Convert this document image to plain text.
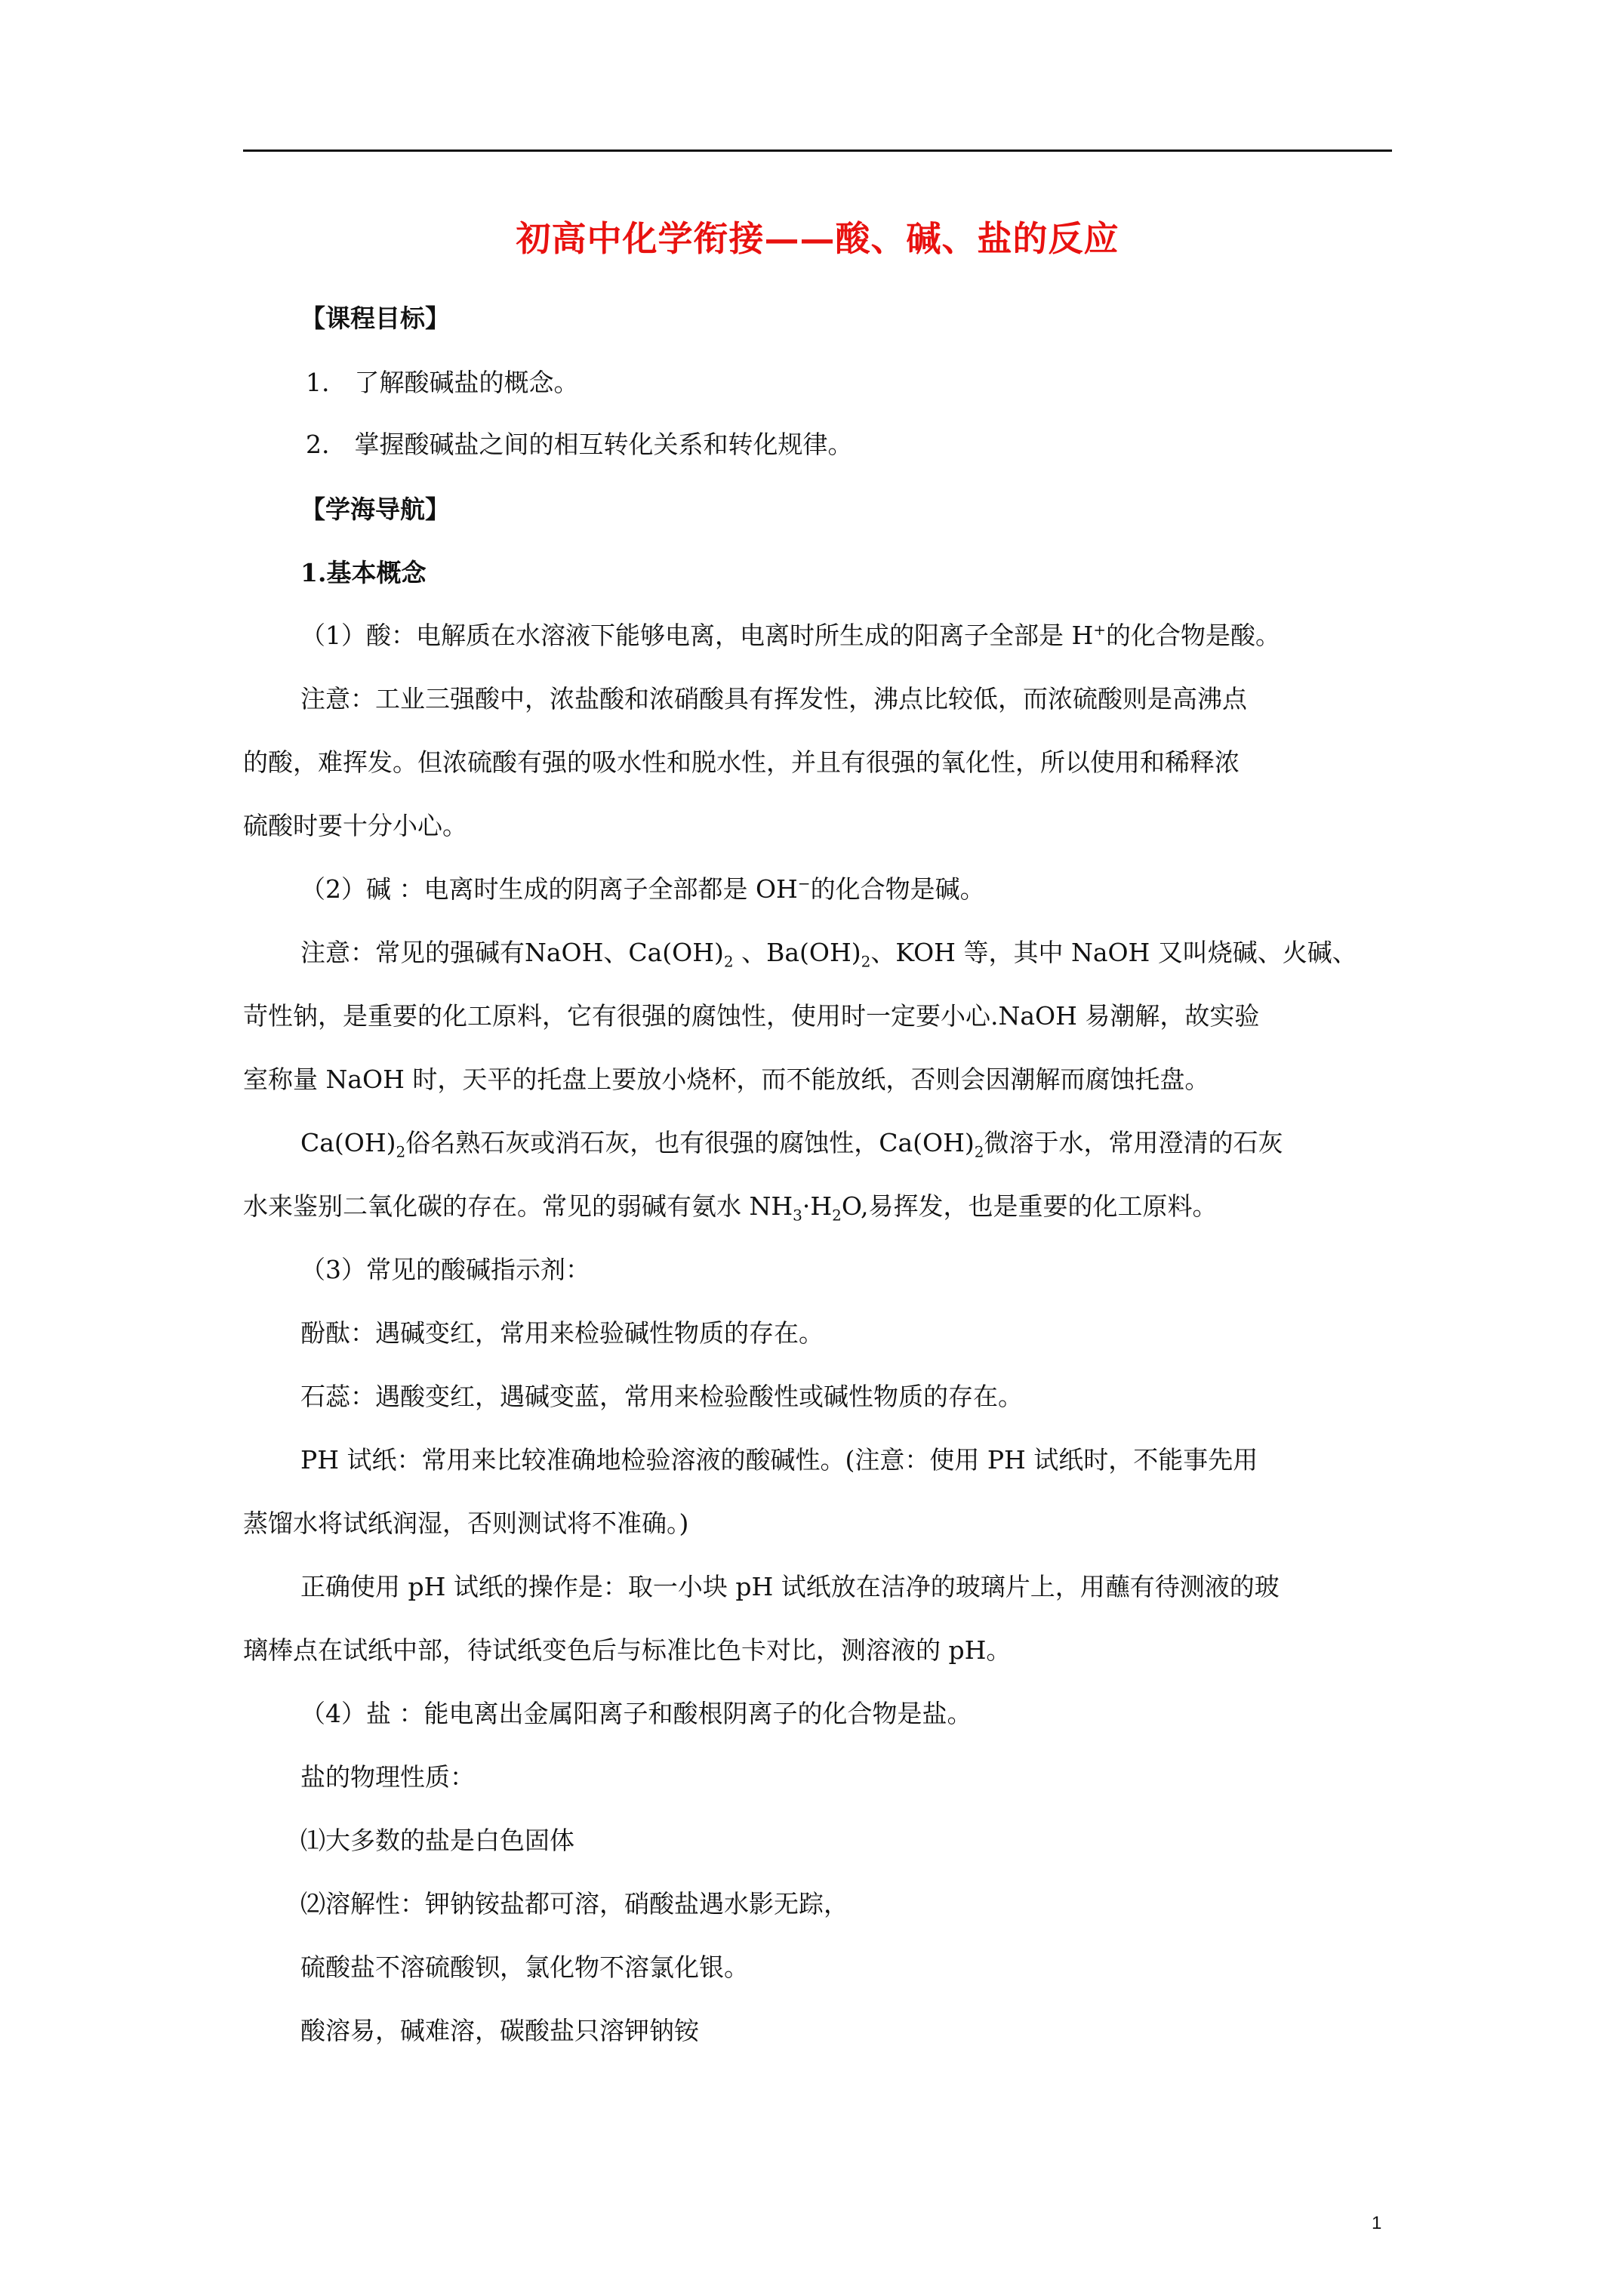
初高中化学衔接——酸、碱、盐的反应
【课程目标】
1.　了解酸碱盐的概念。
2.　掌握酸碱盐之间的相互转化关系和转化规律。
【学海导航】
1.基本概念
（1）酸：电解质在水溶液下能够电离，电离时所生成的阳离子全部是 H+的化合物是酸。
注意：工业三强酸中，浓盐酸和浓硝酸具有挥发性，沸点比较低，而浓硫酸则是高沸点
的酸，难挥发。但浓硫酸有强的吸水性和脱水性，并且有很强的氧化性，所以使用和稀释浓
硫酸时要十分小心。
（2）碱 ：电离时生成的阴离子全部都是 OH−的化合物是碱。
注意：常见的强碱有NaOH、$Ca(OH)_2$ 、$Ba(OH)_2$、KOH 等，其中 NaOH 又叫烧碱、火碱、
苛性钠，是重要的化工原料，它有很强的腐蚀性，使用时一定要小心.NaOH 易潮解，故实验
室称量 NaOH 时，天平的托盘上要放小烧杯，而不能放纸，否则会因潮解而腐蚀托盘。
$Ca(OH)_2$俗名熟石灰或消石灰，也有很强的腐蚀性，$Ca(OH)_2$微溶于水，常用澄清的石灰
水来鉴别二氧化碳的存在。常见的弱碱有氨水 $NH_3\cdot H_2O$,易挥发，也是重要的化工原料。
（3）常见的酸碱指示剂：
酚酞：遇碱变红，常用来检验碱性物质的存在。
石蕊：遇酸变红，遇碱变蓝，常用来检验酸性或碱性物质的存在。
PH 试纸：常用来比较准确地检验溶液的酸碱性。(注意：使用 PH 试纸时，不能事先用
蒸馏水将试纸润湿，否则测试将不准确。)
正确使用 pH 试纸的操作是：取一小块 pH 试纸放在洁净的玻璃片上，用蘸有待测液的玻
璃棒点在试纸中部，待试纸变色后与标准比色卡对比，测溶液的 pH。
（4）盐 ：能电离出金属阳离子和酸根阴离子的化合物是盐。
盐的物理性质：
⑴大多数的盐是白色固体
⑵溶解性：钾钠铵盐都可溶，硝酸盐遇水影无踪，
硫酸盐不溶硫酸钡，氯化物不溶氯化银。
酸溶易，碱难溶，碳酸盐只溶钾钠铵
1
